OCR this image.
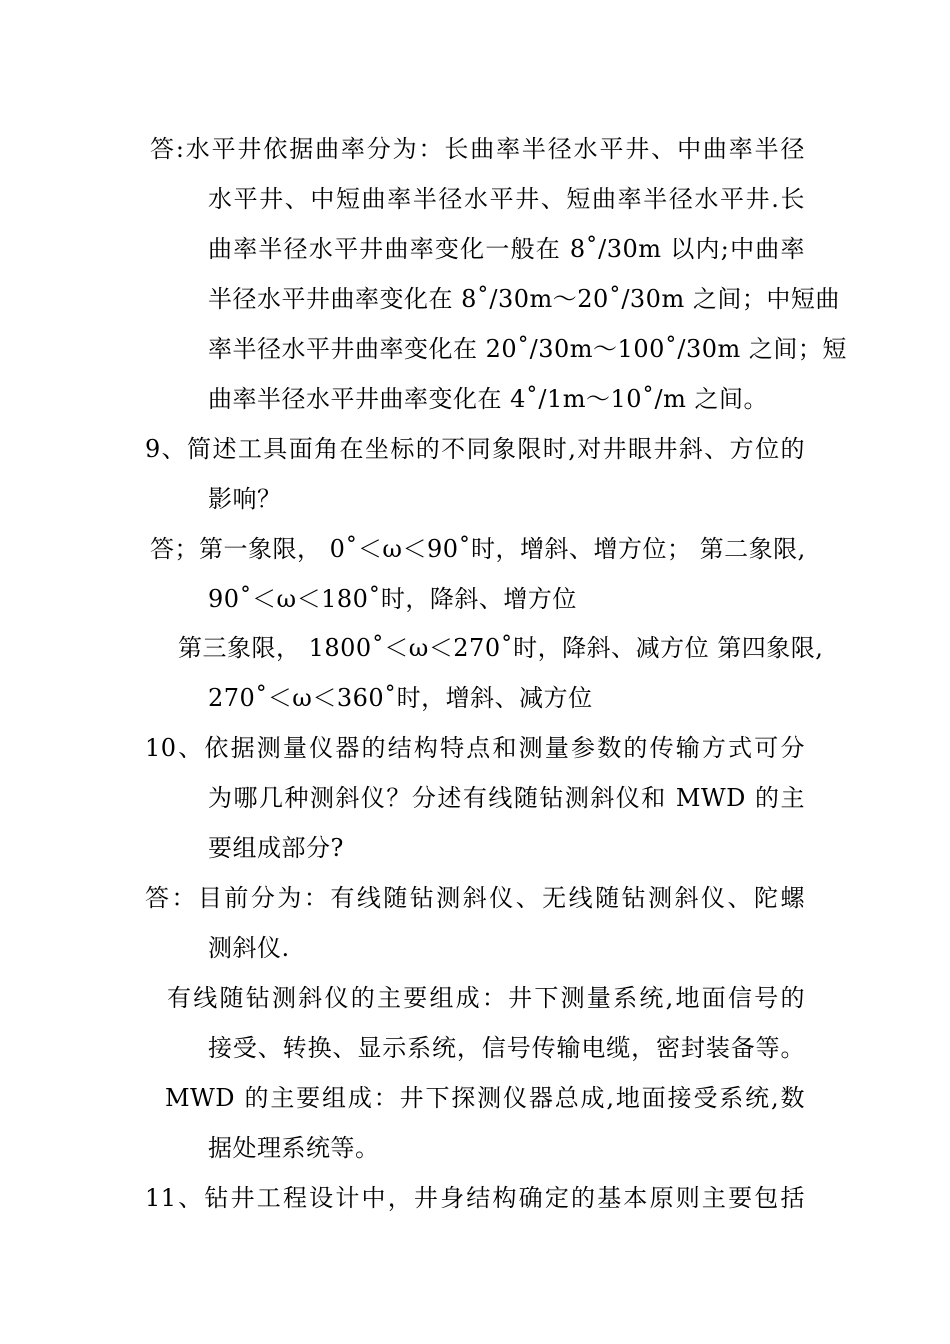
答:水平井依据曲率分为：长曲率半径水平井、中曲率半径
水平井、中短曲率半径水平井、短曲率半径水平井.长
曲率半径水平井曲率变化一般在 8˚/30m 以内;中曲率
半径水平井曲率变化在 8˚/30m～20˚/30m 之间；中短曲
率半径水平井曲率变化在 20˚/30m～100˚/30m 之间；短
曲率半径水平井曲率变化在 4˚/1m～10˚/m 之间。
9、简述工具面角在坐标的不同象限时,对井眼井斜、方位的
影响？
答；第一象限， 0˚＜ω＜90˚时，增斜、增方位； 第二象限,
90˚＜ω＜180˚时，降斜、增方位
第三象限， 1800˚＜ω＜270˚时，降斜、减方位 第四象限,
270˚＜ω＜360˚时，增斜、减方位
10、依据测量仪器的结构特点和测量参数的传输方式可分
为哪几种测斜仪？分述有线随钻测斜仪和 MWD 的主
要组成部分?
答：目前分为：有线随钻测斜仪、无线随钻测斜仪、陀螺
测斜仪.
有线随钻测斜仪的主要组成：井下测量系统,地面信号的
接受、转换、显示系统，信号传输电缆，密封装备等。
MWD 的主要组成：井下探测仪器总成,地面接受系统,数
据处理系统等。
11、钻井工程设计中，井身结构确定的基本原则主要包括
